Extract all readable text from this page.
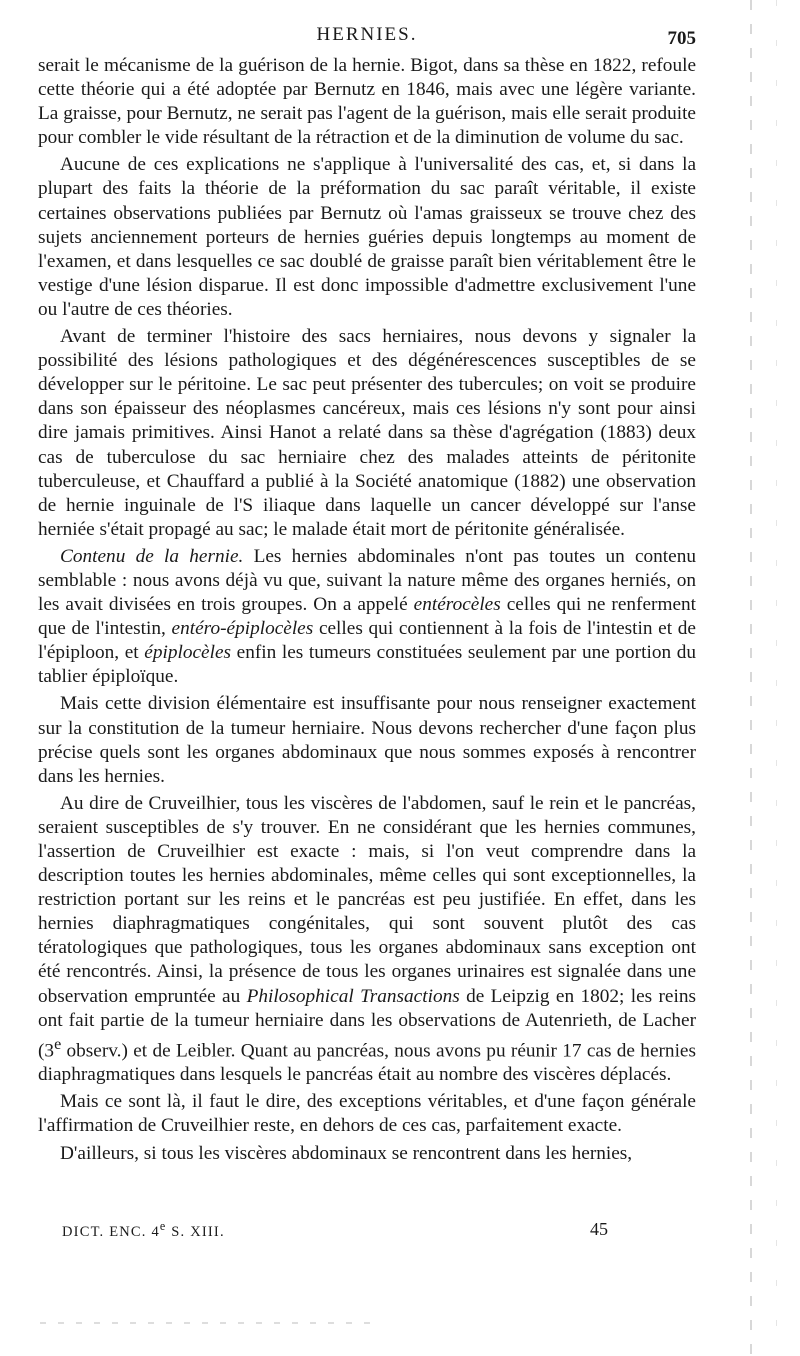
HERNIES.	705

serait le mécanisme de la guérison de la hernie. Bigot, dans sa thèse en 1822, refoule cette théorie qui a été adoptée par Bernutz en 1846, mais avec une légère variante. La graisse, pour Bernutz, ne serait pas l'agent de la guérison, mais elle serait produite pour combler le vide résultant de la rétraction et de la diminution de volume du sac.

Aucune de ces explications ne s'applique à l'universalité des cas, et, si dans la plupart des faits la théorie de la préformation du sac paraît véritable, il existe certaines observations publiées par Bernutz où l'amas graisseux se trouve chez des sujets anciennement porteurs de hernies guéries depuis longtemps au moment de l'examen, et dans lesquelles ce sac doublé de graisse paraît bien véritablement être le vestige d'une lésion disparue. Il est donc impossible d'admettre exclusivement l'une ou l'autre de ces théories.

Avant de terminer l'histoire des sacs herniaires, nous devons y signaler la possibilité des lésions pathologiques et des dégénérescences susceptibles de se développer sur le péritoine. Le sac peut présenter des tubercules; on voit se produire dans son épaisseur des néoplasmes cancéreux, mais ces lésions n'y sont pour ainsi dire jamais primitives. Ainsi Hanot a relaté dans sa thèse d'agrégation (1883) deux cas de tuberculose du sac herniaire chez des malades atteints de péritonite tuberculeuse, et Chauffard a publié à la Société anatomique (1882) une observation de hernie inguinale de l'S iliaque dans laquelle un cancer développé sur l'anse herniée s'était propagé au sac; le malade était mort de péritonite généralisée.

Contenu de la hernie. Les hernies abdominales n'ont pas toutes un contenu semblable : nous avons déjà vu que, suivant la nature même des organes herniés, on les avait divisées en trois groupes. On a appelé entérocèles celles qui ne renferment que de l'intestin, entéro-épiplocèles celles qui contiennent à la fois de l'intestin et de l'épiploon, et épiplocèles enfin les tumeurs constituées seulement par une portion du tablier épiploïque.

Mais cette division élémentaire est insuffisante pour nous renseigner exactement sur la constitution de la tumeur herniaire. Nous devons rechercher d'une façon plus précise quels sont les organes abdominaux que nous sommes exposés à rencontrer dans les hernies.

Au dire de Cruveilhier, tous les viscères de l'abdomen, sauf le rein et le pancréas, seraient susceptibles de s'y trouver. En ne considérant que les hernies communes, l'assertion de Cruveilhier est exacte : mais, si l'on veut comprendre dans la description toutes les hernies abdominales, même celles qui sont exceptionnelles, la restriction portant sur les reins et le pancréas est peu justifiée. En effet, dans les hernies diaphragmatiques congénitales, qui sont souvent plutôt des cas tératologiques que pathologiques, tous les organes abdominaux sans exception ont été rencontrés. Ainsi, la présence de tous les organes urinaires est signalée dans une observation empruntée au Philosophical Transactions de Leipzig en 1802; les reins ont fait partie de la tumeur herniaire dans les observations de Autenrieth, de Lacher (3e observ.) et de Leibler. Quant au pancréas, nous avons pu réunir 17 cas de hernies diaphragmatiques dans lesquels le pancréas était au nombre des viscères déplacés.

Mais ce sont là, il faut le dire, des exceptions véritables, et d'une façon générale l'affirmation de Cruveilhier reste, en dehors de ces cas, parfaitement exacte.

D'ailleurs, si tous les viscères abdominaux se rencontrent dans les hernies,

DICT. ENC. 4e S. XIII.	45
